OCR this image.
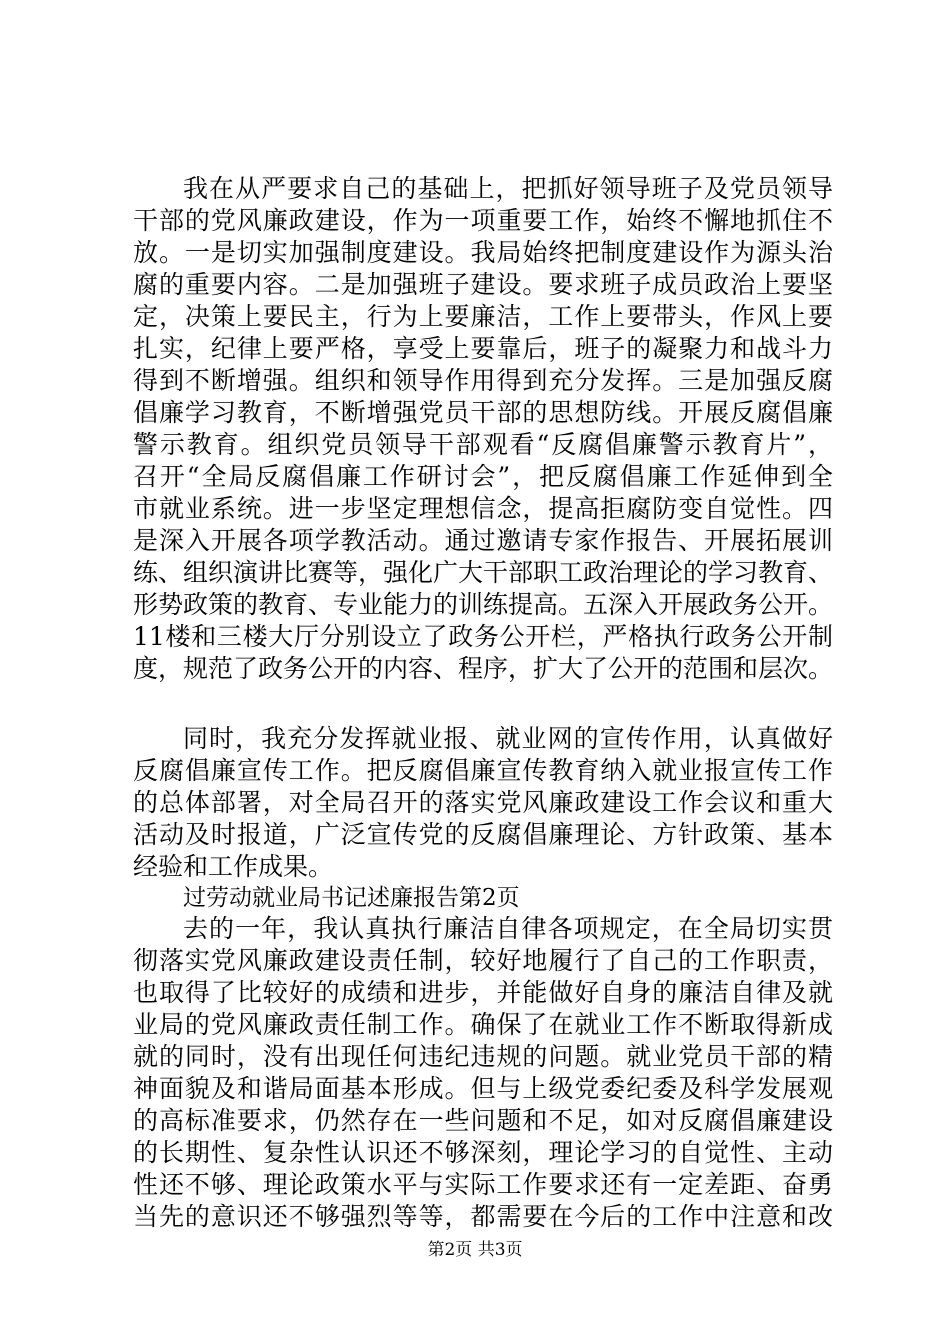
我在从严要求自己的基础上，把抓好领导班子及党员领导
干部的党风廉政建设，作为一项重要工作，始终不懈地抓住不
放。一是切实加强制度建设。我局始终把制度建设作为源头治
腐的重要内容。二是加强班子建设。要求班子成员政治上要坚
定，决策上要民主，行为上要廉洁，工作上要带头，作风上要
扎实，纪律上要严格，享受上要靠后，班子的凝聚力和战斗力
得到不断增强。组织和领导作用得到充分发挥。三是加强反腐
倡廉学习教育，不断增强党员干部的思想防线。开展反腐倡廉
警示教育。组织党员领导干部观看“反腐倡廉警示教育片”，
召开“全局反腐倡廉工作研讨会”，把反腐倡廉工作延伸到全
市就业系统。进一步坚定理想信念，提高拒腐防变自觉性。四
是深入开展各项学教活动。通过邀请专家作报告、开展拓展训
练、组织演讲比赛等，强化广大干部职工政治理论的学习教育、
形势政策的教育、专业能力的训练提高。五深入开展政务公开。
11楼和三楼大厅分别设立了政务公开栏，严格执行政务公开制
度，规范了政务公开的内容、程序，扩大了公开的范围和层次。
同时，我充分发挥就业报、就业网的宣传作用，认真做好
反腐倡廉宣传工作。把反腐倡廉宣传教育纳入就业报宣传工作
的总体部署，对全局召开的落实党风廉政建设工作会议和重大
活动及时报道，广泛宣传党的反腐倡廉理论、方针政策、基本
经验和工作成果。
过劳动就业局书记述廉报告第2页
去的一年，我认真执行廉洁自律各项规定，在全局切实贯
彻落实党风廉政建设责任制，较好地履行了自己的工作职责，
也取得了比较好的成绩和进步，并能做好自身的廉洁自律及就
业局的党风廉政责任制工作。确保了在就业工作不断取得新成
就的同时，没有出现任何违纪违规的问题。就业党员干部的精
神面貌及和谐局面基本形成。但与上级党委纪委及科学发展观
的高标准要求，仍然存在一些问题和不足，如对反腐倡廉建设
的长期性、复杂性认识还不够深刻，理论学习的自觉性、主动
性还不够、理论政策水平与实际工作要求还有一定差距、奋勇
当先的意识还不够强烈等等，都需要在今后的工作中注意和改
第2页 共3页
